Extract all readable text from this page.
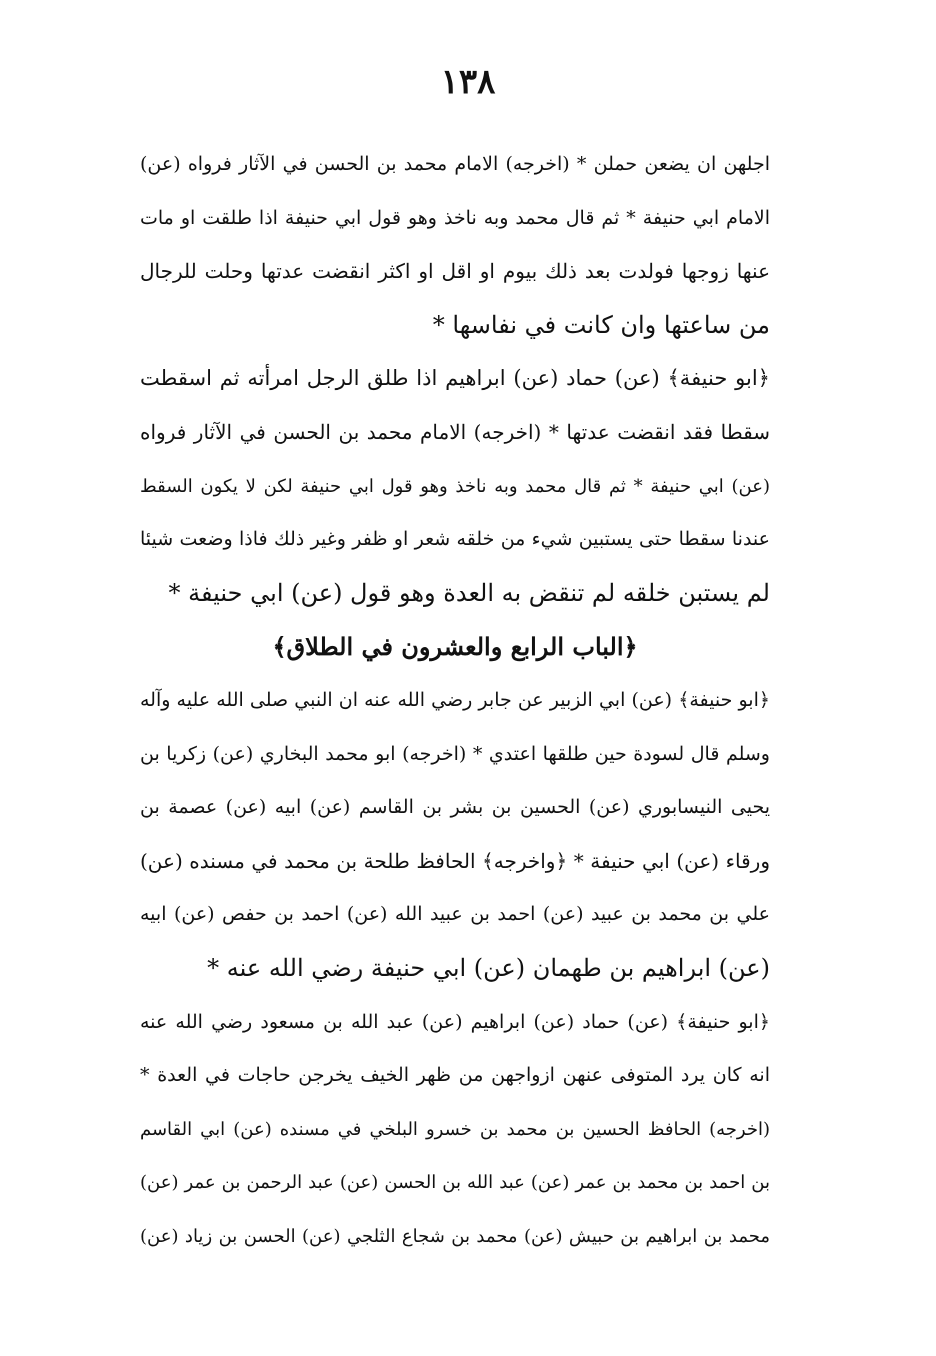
١٣٨
اجلهن ان يضعن حملن * (اخرجه) الامام محمد بن الحسن في الآثار فرواه (عن)
الامام ابي حنيفة * ثم قال محمد وبه ناخذ وهو قول ابي حنيفة اذا طلقت او مات
عنها زوجها فولدت بعد ذلك بيوم او اقل او اكثر انقضت عدتها وحلت للرجال
من ساعتها وان كانت في نفاسها *
﴿ابو حنيفة﴾ (عن) حماد (عن) ابراهيم اذا طلق الرجل امرأته ثم اسقطت
سقطا فقد انقضت عدتها * (اخرجه) الامام محمد بن الحسن في الآثار فرواه
(عن) ابي حنيفة * ثم قال محمد وبه ناخذ وهو قول ابي حنيفة لكن لا يكون السقط
عندنا سقطا حتى يستبين شيء من خلقه شعر او ظفر وغير ذلك فاذا وضعت شيئا
لم يستبن خلقه لم تنقض به العدة وهو قول (عن) ابي حنيفة *
﴿الباب الرابع والعشرون في الطلاق﴾
﴿ابو حنيفة﴾ (عن) ابي الزبير عن جابر رضي الله عنه ان النبي صلى الله عليه وآله
وسلم قال لسودة حين طلقها اعتدي * (اخرجه) ابو محمد البخاري (عن) زكريا بن
يحيى النيسابوري (عن) الحسين بن بشر بن القاسم (عن) ابيه (عن) عصمة بن
ورقاء (عن) ابي حنيفة * ﴿واخرجه﴾ الحافظ طلحة بن محمد في مسنده (عن)
علي بن محمد بن عبيد (عن) احمد بن عبيد الله (عن) احمد بن حفص (عن) ابيه
(عن) ابراهيم بن طهمان (عن) ابي حنيفة رضي الله عنه *
﴿ابو حنيفة﴾ (عن) حماد (عن) ابراهيم (عن) عبد الله بن مسعود رضي الله عنه
انه كان يرد المتوفى عنهن ازواجهن من ظهر الخيف يخرجن حاجات في العدة *
(اخرجه) الحافظ الحسين بن محمد بن خسرو البلخي في مسنده (عن) ابي القاسم
بن احمد بن محمد بن عمر (عن) عبد الله بن الحسن (عن) عبد الرحمن بن عمر (عن)
محمد بن ابراهيم بن حبيش (عن) محمد بن شجاع الثلجي (عن) الحسن بن زياد (عن)
